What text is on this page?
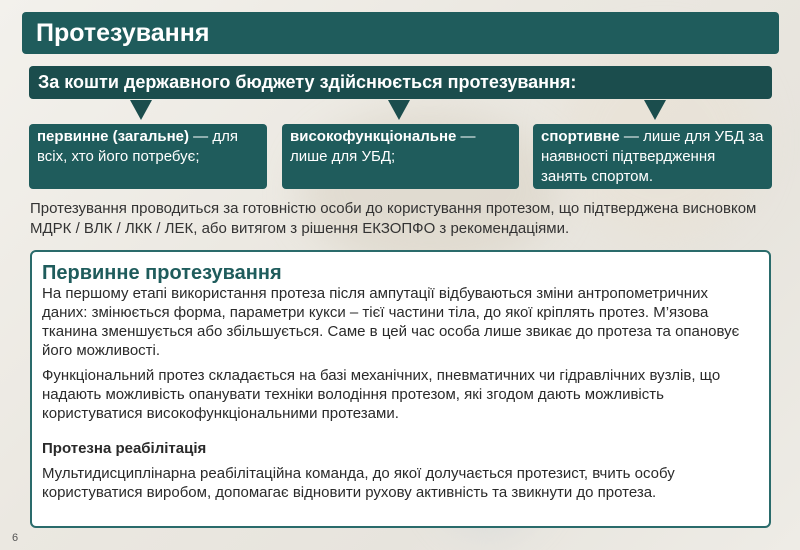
Протезування
За кошти державного бюджету здійснюється протезування:
первинне (загальне) — для всіх, хто його потребує;
високофункціональне — лише для УБД;
спортивне — лише для УБД за наявності підтвердження занять спортом.
Протезування проводиться за готовністю особи до користування протезом, що підтверджена висновком МДРК / ВЛК / ЛКК / ЛЕК, або витягом з рішення ЕКЗОПФО з рекомендаціями.
Первинне протезування

На першому етапі використання протеза після ампутації відбуваються зміни антропометричних даних: змінюється форма, параметри кукси – тієї частини тіла, до якої кріплять протез. М’язова тканина зменшується або збільшується. Саме в цей час особа лише звикає до протеза та опановує його можливості.

Функціональний протез складається на базі механічних, пневматичних чи гідравлічних вузлів, що надають можливість опанувати техніки володіння протезом, які згодом дають можливість користуватися високофункціональними протезами.

Протезна реабілітація

Мультидисциплінарна реабілітаційна команда, до якої долучається протезист, вчить особу користуватися виробом, допомагає відновити рухову активність та звикнути до протеза.

6
